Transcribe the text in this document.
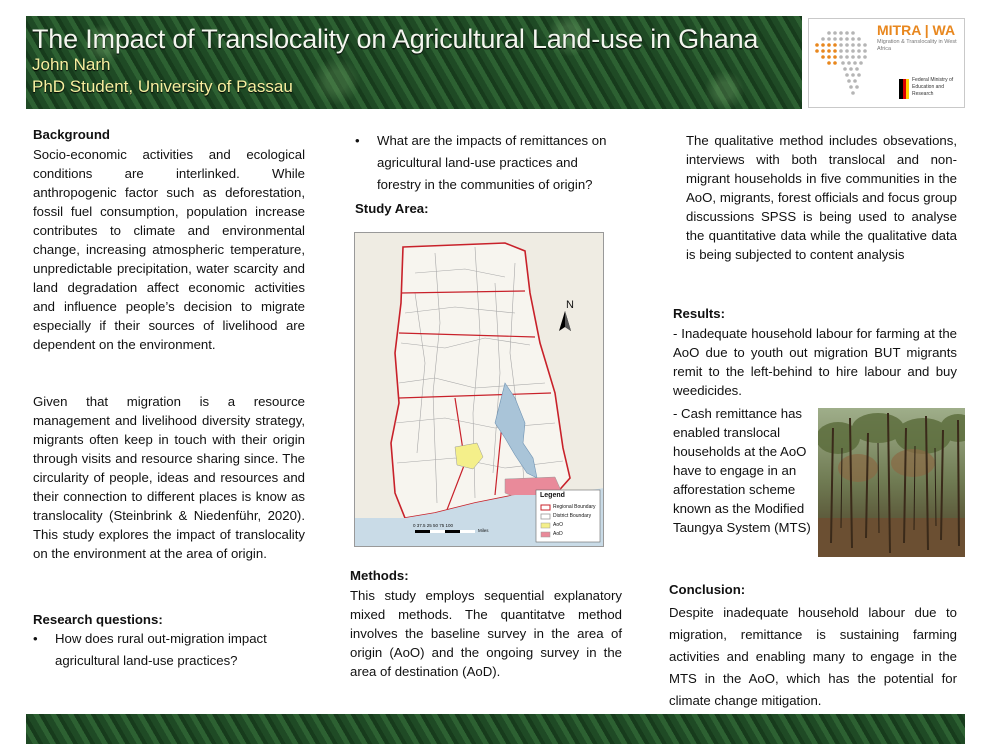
The Impact of Translocality on Agricultural Land-use in Ghana
John Narh
PhD Student, University of Passau
MITRA | WA
Migration & Translocality in West Africa
Federal Ministry of Education and Research
Background
Socio-economic activities and ecological conditions are interlinked. While anthropogenic factor such as deforestation, fossil fuel consumption, population increase contributes to climate and environmental change, increasing atmospheric temperature, unpredictable precipitation, water scarcity and land degradation affect economic activities and influence people’s decision to migrate especially if their sources of livelihood are dependent on the environment.
Given that migration is a resource management and livelihood diversity strategy, migrants often keep in touch with their origin through visits and resource sharing since. The circularity of people, ideas and resources and their connection to different places is know as translocality (Steinbrink & Niedenführ, 2020). This study explores the impact of translocality on the environment at the area of origin.
Research questions:
• How does rural out-migration impact agricultural land-use practices?
• What are the impacts of remittances on agricultural land-use practices and forestry in the communities of origin?
Study Area:
N
Legend
Regional Boundary
District Boundary
AoO
AoD
0 37.5 25 50 75 100
Miles
Methods:
This study employs sequential explanatory mixed methods. The quantitatve method involves the baseline survey in the area of origin (AoO) and the ongoing survey in the area of destination (AoD).
The qualitative method includes obsevations, interviews with both translocal and non-migrant households in five communities in the AoO, migrants, forest officials and focus group discussions SPSS is being used to analyse the quantitative data while the qualitative data is being subjected to content analysis
Results:
- Inadequate household labour for farming at the AoO due to youth out migration BUT migrants remit to the left-behind to hire labour and buy weedicides.
- Cash remittance has enabled translocal households at the AoO have to engage in an afforestation scheme known as the Modified Taungya System (MTS)
Conclusion:
Despite inadequate household labour due to migration, remittance is sustaining farming activities and enabling many to engage in the MTS in the AoO, which has the potential for climate change mitigation.
